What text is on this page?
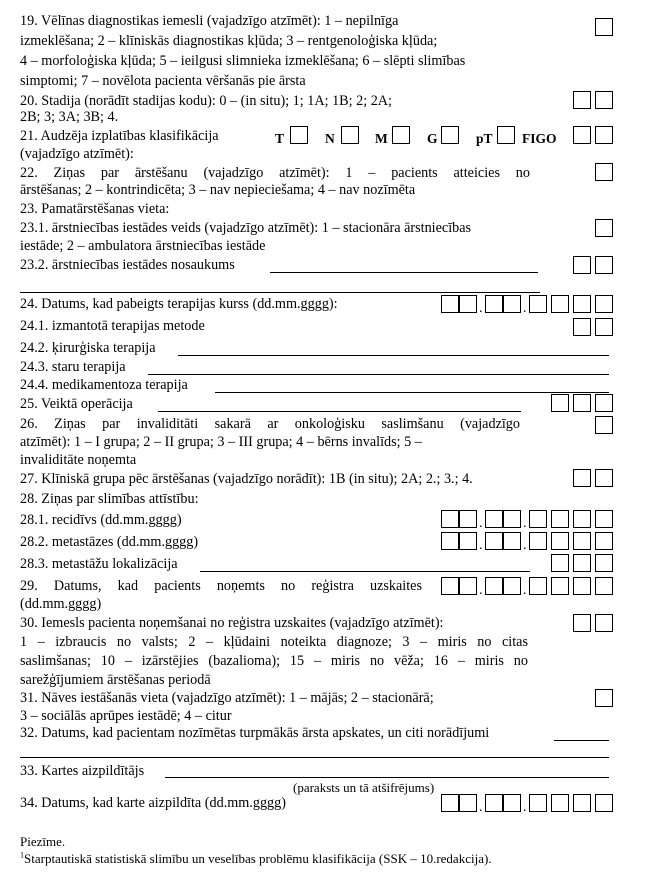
19. Vēlīnas diagnostikas iemesli (vajadzīgo atzīmēt): 1 – nepilnīga
izmeklēšana; 2 – klīniskās diagnostikas kļūda; 3 – rentgenoloģiska kļūda;
4 – morfoloģiska kļūda; 5 – ieilgusi slimnieka izmeklēšana; 6 – slēpti slimības
simptomi; 7 – novēlota pacienta vēršanās pie ārsta
20. Stadija (norādīt stadijas kodu): 0 – (in situ); 1; 1A; 1B; 2; 2A;
2B; 3; 3A; 3B; 4.
21. Audzēja izplatības klasifikācija
(vajadzīgo atzīmēt):
T	N	M	G	pT FIGO
22. Ziņas par ārstēšanu (vajadzīgo atzīmēt): 1 – pacients atteicies no
ārstēšanas; 2 – kontrindicēta; 3 – nav nepieciešama; 4 – nav nozīmēta
23. Pamatārstēšanas vieta:
23.1. ārstniecības iestādes veids (vajadzīgo atzīmēt): 1 – stacionāra ārstniecības
iestāde; 2 – ambulatora ārstniecības iestāde
23.2. ārstniecības iestādes nosaukums
24. Datums, kad pabeigts terapijas kurss (dd.mm.gggg):	.	.
24.1. izmantotā terapijas metode
24.2. ķirurģiska terapija
24.3. staru terapija
24.4. medikamentoza terapija
25. Veiktā operācija
26. Ziņas par invaliditāti sakarā ar onkoloģisku saslimšanu (vajadzīgo
atzīmēt): 1 – I grupa; 2 – II grupa; 3 – III grupa; 4 – bērns invalīds; 5 –
invaliditāte noņemta
27. Klīniskā grupa pēc ārstēšanas (vajadzīgo norādīt): 1B (in situ); 2A; 2.; 3.; 4.
28. Ziņas par slimības attīstību:
28.1. recidīvs (dd.mm.gggg)	.	.
28.2. metastāzes (dd.mm.gggg)	.	.
28.3. metastāžu lokalizācija
29. Datums, kad pacients noņemts no reģistra uzskaites
(dd.mm.gggg)
.	.
30. Iemesls pacienta noņemšanai no reģistra uzskaites (vajadzīgo atzīmēt):
1 – izbraucis no valsts; 2 – kļūdaini noteikta diagnoze; 3 – miris no citas
saslimšanas; 10 – izārstējies (bazalioma); 15 – miris no vēža; 16 – miris no
sarežģījumiem ārstēšanas periodā
31. Nāves iestāšanās vieta (vajadzīgo atzīmēt): 1 – mājās; 2 – stacionārā;
3 – sociālās aprūpes iestādē; 4 – citur
32. Datums, kad pacientam nozīmētas turpmākās ārsta apskates, un citi norādījumi
33. Kartes aizpildītājs
(paraksts un tā atšifrējums)
34. Datums, kad karte aizpildīta (dd.mm.gggg)	.	.
Piezīme.
$^1$Starptautiskā statistiskā slimību un veselības problēmu klasifikācija (SSK – 10.redakcija).
